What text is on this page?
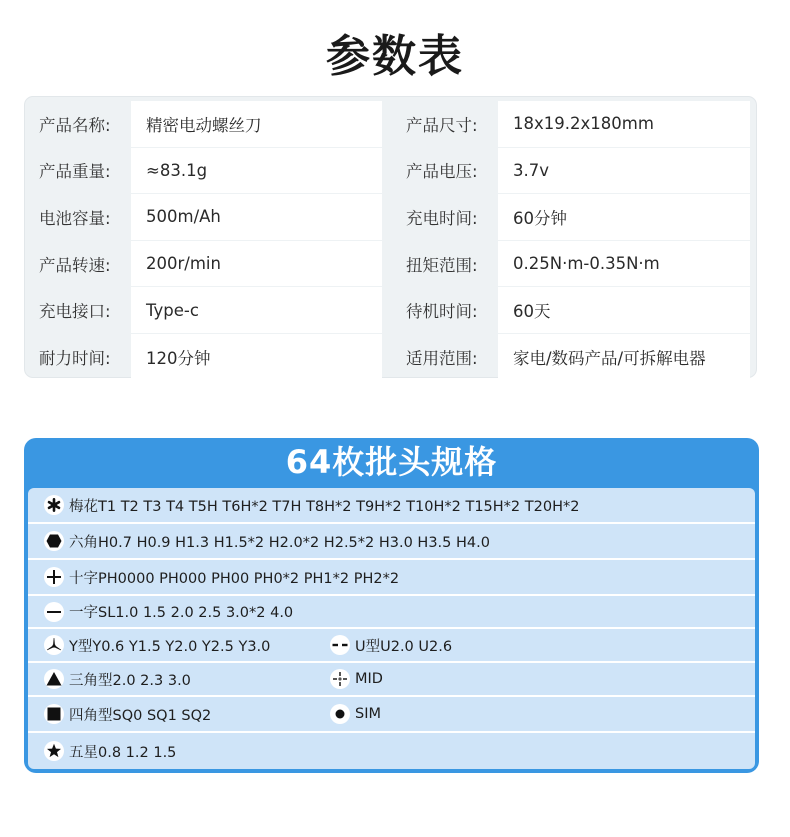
参数表
产品名称:	精密电动螺丝刀	产品尺寸:	18x19.2x180mm
产品重量:	≈83.1g	产品电压:	3.7v
电池容量:	500m/Ah	充电时间:	60分钟
产品转速:	200r/min	扭矩范围:	0.25N·m-0.35N·m
充电接口:	Type-c	待机时间:	60天
耐力时间:	120分钟	适用范围:	家电/数码产品/可拆解电器
64枚批头规格
梅花T1 T2 T3 T4 T5H T6H*2 T7H T8H*2 T9H*2 T10H*2 T15H*2 T20H*2
六角H0.7 H0.9 H1.3 H1.5*2 H2.0*2 H2.5*2 H3.0 H3.5 H4.0
十字PH0000 PH000 PH00 PH0*2 PH1*2 PH2*2
一字SL1.0 1.5 2.0 2.5 3.0*2 4.0
Y型Y0.6 Y1.5 Y2.0 Y2.5 Y3.0	U型U2.0 U2.6
三角型2.0 2.3 3.0	MID
四角型SQ0 SQ1 SQ2	SIM
五星0.8 1.2 1.5
